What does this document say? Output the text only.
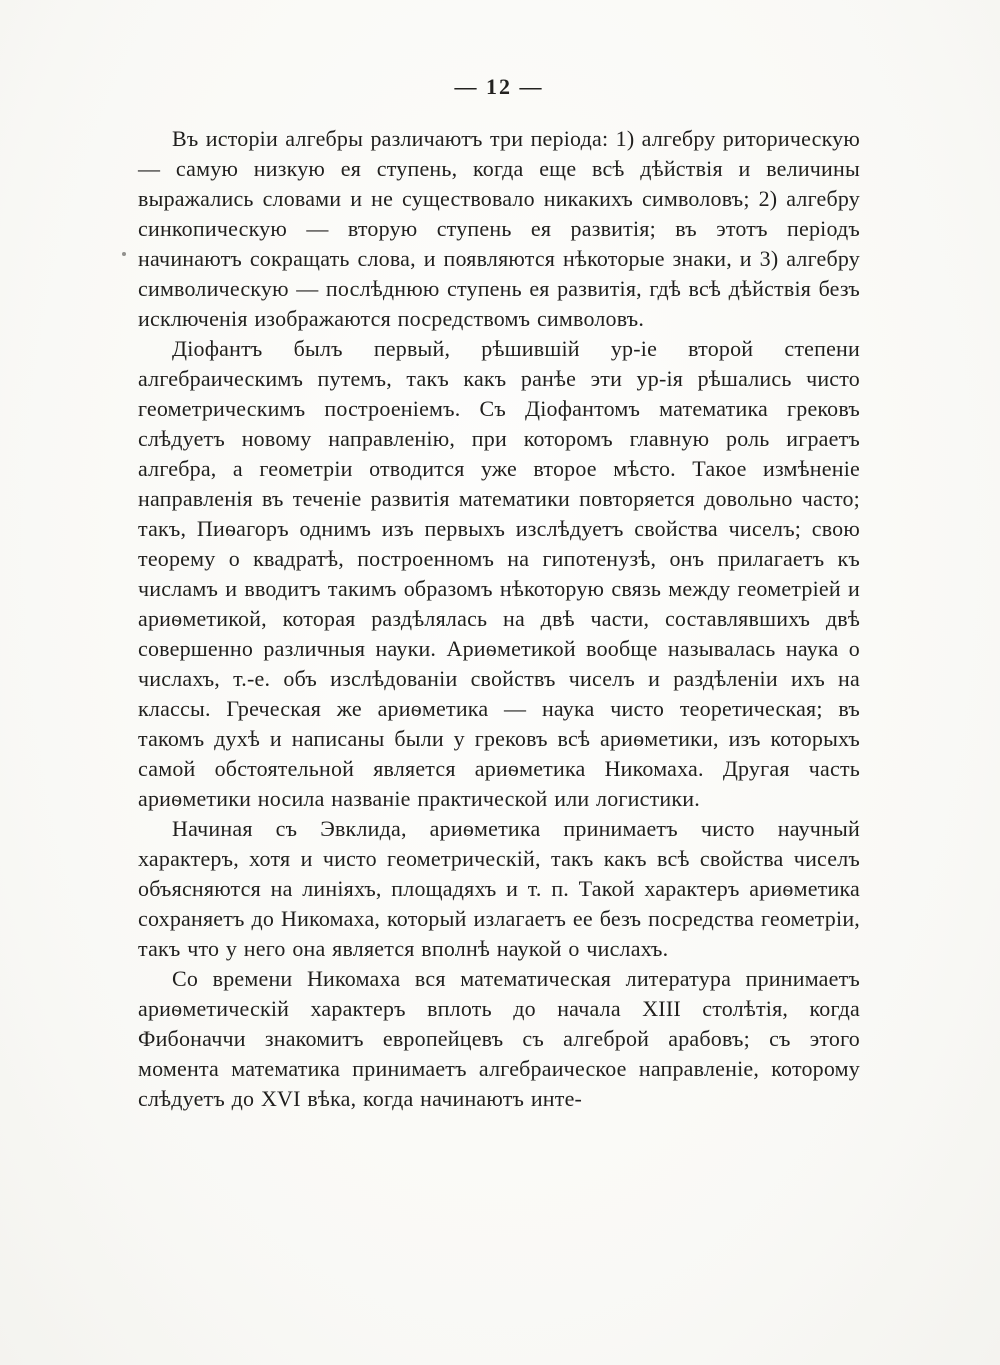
— 12 —

Въ исторіи алгебры различаютъ три періода: 1) алгебру риторическую — самую низкую ея ступень, когда еще всѣ дѣйствія и величины выражались словами и не существовало никакихъ символовъ; 2) алгебру синкопическую — вторую ступень ея развитія; въ этотъ періодъ начинаютъ сокращать слова, и появляются нѣкоторые знаки, и 3) алгебру символическую — послѣднюю ступень ея развитія, гдѣ всѣ дѣйствія безъ исключенія изображаются посредствомъ символовъ.

Діофантъ былъ первый, рѣшившій ур-іе второй степени алгебраическимъ путемъ, такъ какъ ранѣе эти ур-ія рѣшались чисто геометрическимъ построеніемъ. Съ Діофантомъ математика грековъ слѣдуетъ новому направленію, при которомъ главную роль играетъ алгебра, а геометріи отводится уже второе мѣсто. Такое измѣненіе направленія въ теченіе развитія математики повторяется довольно часто; такъ, Пиѳагоръ однимъ изъ первыхъ изслѣдуетъ свойства чиселъ; свою теорему о квадратѣ, построенномъ на гипотенузѣ, онъ прилагаетъ къ числамъ и вводитъ такимъ образомъ нѣкоторую связь между геометріей и ариѳметикой, которая раздѣлялась на двѣ части, составлявшихъ двѣ совершенно различныя науки. Ариѳметикой вообще называлась наука о числахъ, т.-е. объ изслѣдованіи свойствъ чиселъ и раздѣленіи ихъ на классы. Греческая же ариѳметика — наука чисто теоретическая; въ такомъ духѣ и написаны были у грековъ всѣ ариѳметики, изъ которыхъ самой обстоятельной является ариѳметика Никомаха. Другая часть ариѳметики носила названіе практической или логистики.

Начиная съ Эвклида, ариѳметика принимаетъ чисто научный характеръ, хотя и чисто геометрическій, такъ какъ всѣ свойства чиселъ объясняются на линіяхъ, площадяхъ и т. п. Такой характеръ ариѳметика сохраняетъ до Никомаха, который излагаетъ ее безъ посредства геометріи, такъ что у него она является вполнѣ наукой о числахъ.

Со времени Никомаха вся математическая литература принимаетъ ариѳметическій характеръ вплоть до начала XIII столѣтія, когда Фибоначчи знакомитъ европейцевъ съ алгеброй арабовъ; съ этого момента математика принимаетъ алгебраическое направленіе, которому слѣдуетъ до XVI вѣка, когда начинаютъ инте-
